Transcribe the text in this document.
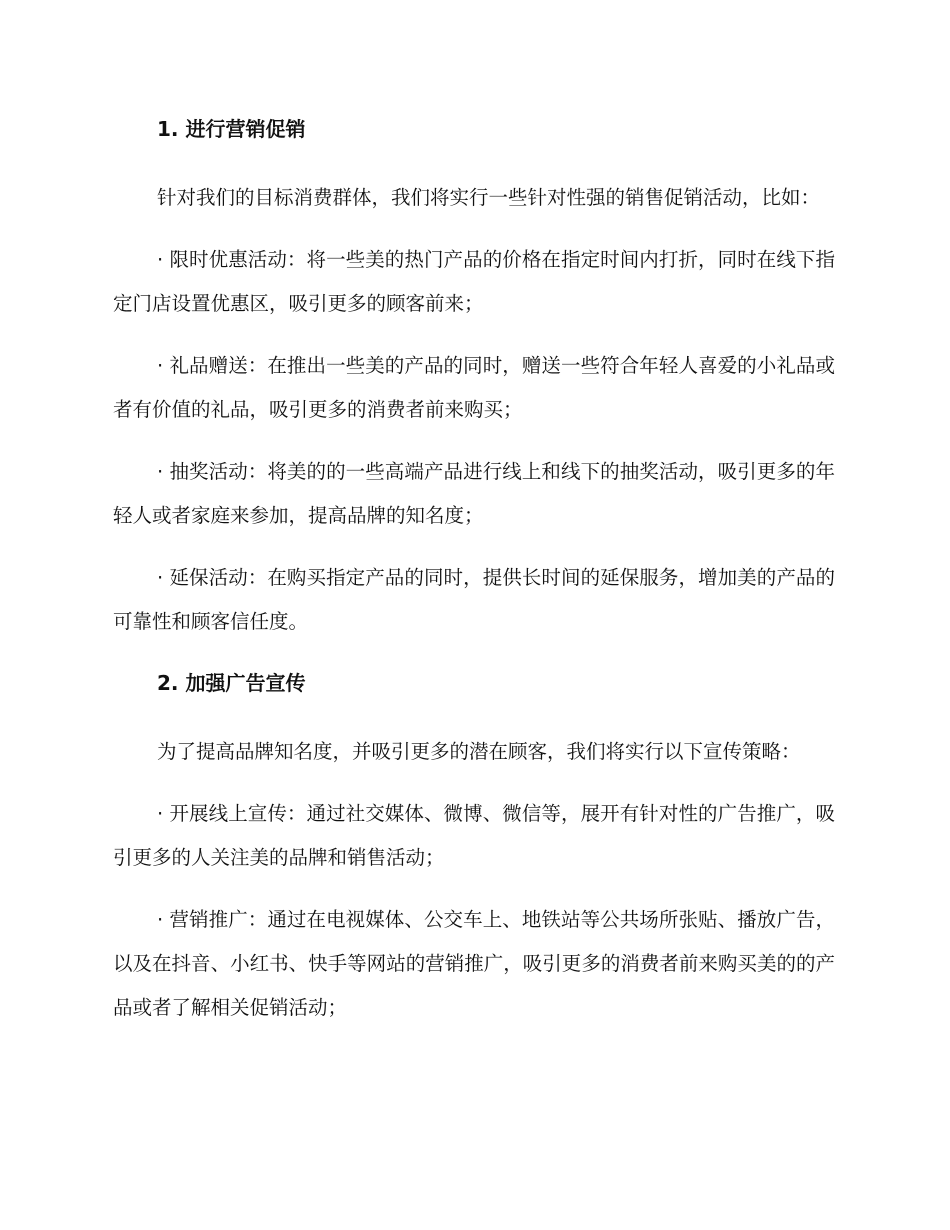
1. 进行营销促销

针对我们的目标消费群体，我们将实行一些针对性强的销售促销活动，比如：

· 限时优惠活动：将一些美的热门产品的价格在指定时间内打折，同时在线下指定门店设置优惠区，吸引更多的顾客前来；

· 礼品赠送：在推出一些美的产品的同时，赠送一些符合年轻人喜爱的小礼品或者有价值的礼品，吸引更多的消费者前来购买；

· 抽奖活动：将美的的一些高端产品进行线上和线下的抽奖活动，吸引更多的年轻人或者家庭来参加，提高品牌的知名度；

· 延保活动：在购买指定产品的同时，提供长时间的延保服务，增加美的产品的可靠性和顾客信任度。

2. 加强广告宣传

为了提高品牌知名度，并吸引更多的潜在顾客，我们将实行以下宣传策略：

· 开展线上宣传：通过社交媒体、微博、微信等，展开有针对性的广告推广，吸引更多的人关注美的品牌和销售活动；

· 营销推广：通过在电视媒体、公交车上、地铁站等公共场所张贴、播放广告，以及在抖音、小红书、快手等网站的营销推广，吸引更多的消费者前来购买美的的产品或者了解相关促销活动；
